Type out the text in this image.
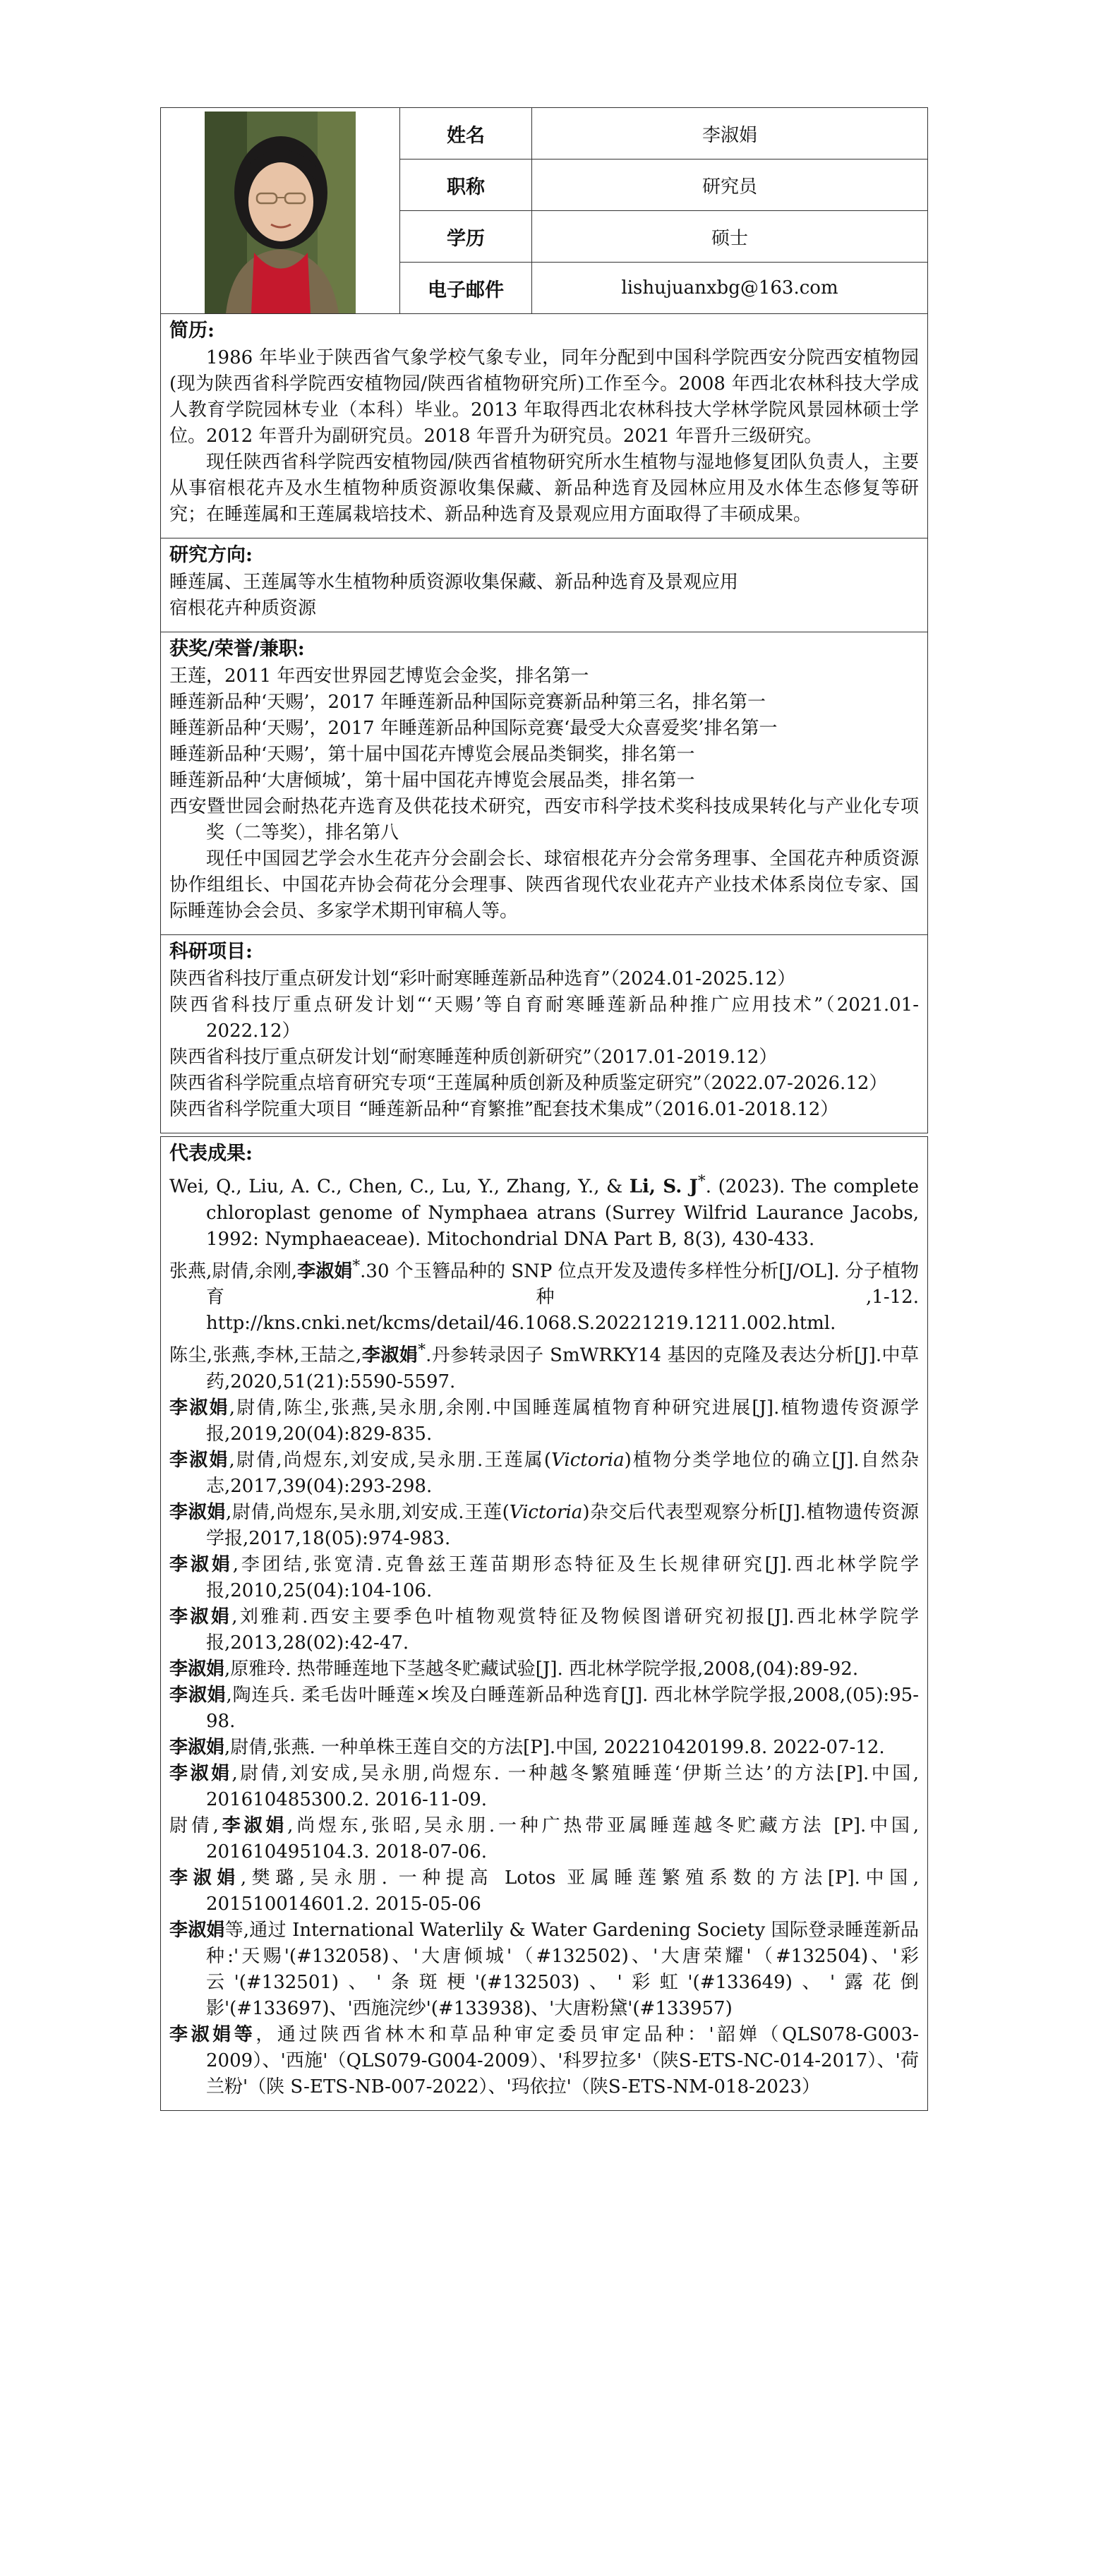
	姓名	李淑娟
	职称	研究员
	学历	硕士
	电子邮件	lishujuanxbg@163.com
简历:

1986 年毕业于陕西省气象学校气象专业，同年分配到中国科学院西安分院西安植物园(现为陕西省科学院西安植物园/陕西省植物研究所)工作至今。2008 年西北农林科技大学成人教育学院园林专业（本科）毕业。2013 年取得西北农林科技大学林学院风景园林硕士学位。2012 年晋升为副研究员。2018 年晋升为研究员。2021 年晋升三级研究。

现任陕西省科学院西安植物园/陕西省植物研究所水生植物与湿地修复团队负责人，主要从事宿根花卉及水生植物种质资源收集保藏、新品种选育及园林应用及水体生态修复等研究；在睡莲属和王莲属栽培技术、新品种选育及景观应用方面取得了丰硕成果。

研究方向:

睡莲属、王莲属等水生植物种质资源收集保藏、新品种选育及景观应用

宿根花卉种质资源

获奖/荣誉/兼职:

王莲，2011 年西安世界园艺博览会金奖，排名第一

睡莲新品种‘天赐’，2017 年睡莲新品种国际竞赛新品种第三名，排名第一

睡莲新品种‘天赐’，2017 年睡莲新品种国际竞赛‘最受大众喜爱奖’排名第一

睡莲新品种‘天赐’，第十届中国花卉博览会展品类铜奖，排名第一

睡莲新品种‘大唐倾城’，第十届中国花卉博览会展品类，排名第一

西安暨世园会耐热花卉选育及供花技术研究，西安市科学技术奖科技成果转化与产业化专项奖（二等奖），排名第八

现任中国园艺学会水生花卉分会副会长、球宿根花卉分会常务理事、全国花卉种质资源协作组组长、中国花卉协会荷花分会理事、陕西省现代农业花卉产业技术体系岗位专家、国际睡莲协会会员、多家学术期刊审稿人等。

科研项目:

陕西省科技厅重点研发计划“彩叶耐寒睡莲新品种选育”（2024.01-2025.12）

陕西省科技厅重点研发计划“‘天赐’等自育耐寒睡莲新品种推广应用技术”（2021.01-2022.12）

陕西省科技厅重点研发计划“耐寒睡莲种质创新研究”（2017.01-2019.12）

陕西省科学院重点培育研究专项“王莲属种质创新及种质鉴定研究”（2022.07-2026.12）

陕西省科学院重大项目 “睡莲新品种“育繁推”配套技术集成”（2016.01-2018.12）

代表成果:

Wei, Q., Liu, A. C., Chen, C., Lu, Y., Zhang, Y., & Li, S. J*. (2023). The complete chloroplast genome of Nymphaea atrans (Surrey Wilfrid Laurance Jacobs, 1992: Nymphaeaceae). Mitochondrial DNA Part B, 8(3), 430-433.

张燕,尉倩,余刚,李淑娟*.30 个玉簪品种的 SNP 位点开发及遗传多样性分析[J/OL]. 分子植物育种,1-12. http://kns.cnki.net/kcms/detail/46.1068.S.20221219.1211.002.html.

陈尘,张燕,李林,王喆之,李淑娟*.丹参转录因子 SmWRKY14 基因的克隆及表达分析[J].中草药,2020,51(21):5590-5597.

李淑娟,尉倩,陈尘,张燕,吴永朋,余刚.中国睡莲属植物育种研究进展[J].植物遗传资源学报,2019,20(04):829-835.

李淑娟,尉倩,尚煜东,刘安成,吴永朋.王莲属(Victoria)植物分类学地位的确立[J].自然杂志,2017,39(04):293-298.

李淑娟,尉倩,尚煜东,吴永朋,刘安成.王莲(Victoria)杂交后代表型观察分析[J].植物遗传资源学报,2017,18(05):974-983.

李淑娟,李团结,张宽清.克鲁兹王莲苗期形态特征及生长规律研究[J].西北林学院学报,2010,25(04):104-106.

李淑娟,刘雅莉.西安主要季色叶植物观赏特征及物候图谱研究初报[J].西北林学院学报,2013,28(02):42-47.

李淑娟,原雅玲. 热带睡莲地下茎越冬贮藏试验[J]. 西北林学院学报,2008,(04):89-92.

李淑娟,陶连兵. 柔毛齿叶睡莲×埃及白睡莲新品种选育[J]. 西北林学院学报,2008,(05):95-98.

李淑娟,尉倩,张燕. 一种单株王莲自交的方法[P].中国, 202210420199.8. 2022-07-12.

李淑娟,尉倩,刘安成,吴永朋,尚煜东. 一种越冬繁殖睡莲‘伊斯兰达’的方法[P].中国, 201610485300.2. 2016-11-09.

尉倩,李淑娟,尚煜东,张昭,吴永朋.一种广热带亚属睡莲越冬贮藏方法 [P].中国, 201610495104.3. 2018-07-06.

李淑娟,樊璐,吴永朋. 一种提高 Lotos 亚属睡莲繁殖系数的方法[P].中国, 201510014601.2. 2015-05-06

李淑娟等,通过 International Waterlily & Water Gardening Society 国际登录睡莲新品种:'天赐'(#132058)、'大唐倾城'（#132502)、'大唐荣耀'（#132504)、'彩云'(#132501)、'条斑梗'(#132503)、'彩虹'(#133649)、'露花倒影'(#133697)、'西施浣纱'(#133938)、'大唐粉黛'(#133957)

李淑娟等，通过陕西省林木和草品种审定委员审定品种：'韶婵（QLS078-G003-2009）、'西施'（QLS079-G004-2009）、'科罗拉多'（陕S-ETS-NC-014-2017）、'荷兰粉'（陕 S-ETS-NB-007-2022）、'玛依拉'（陕S-ETS-NM-018-2023）
